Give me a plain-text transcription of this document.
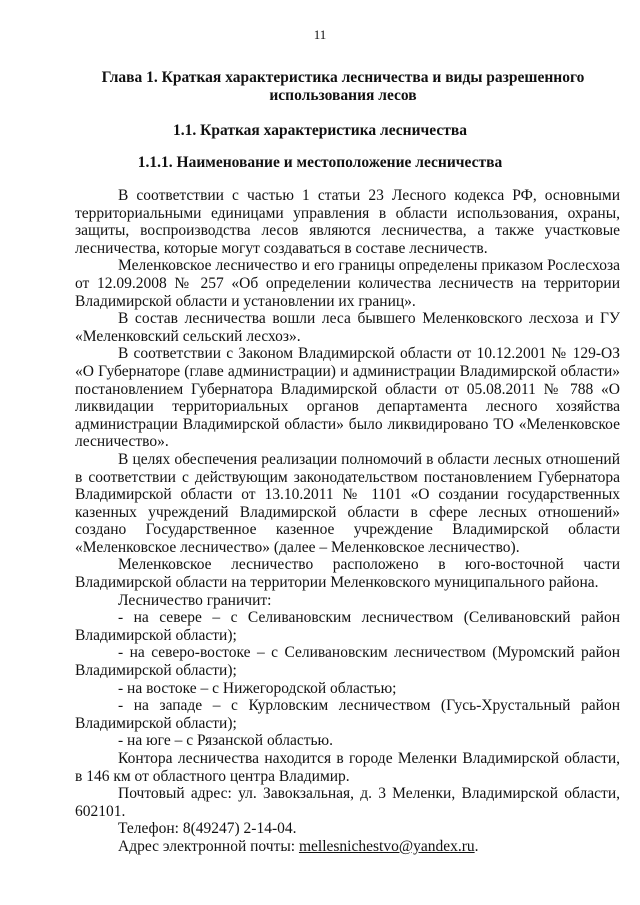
11
Глава 1. Краткая характеристика лесничества и виды разрешенного использования лесов
1.1. Краткая характеристика лесничества
1.1.1. Наименование и местоположение лесничества

В соответствии с частью 1 статьи 23 Лесного кодекса РФ, основными территориальными единицами управления в области использования, охраны, защиты, воспроизводства лесов являются лесничества, а также участковые лесничества, которые могут создаваться в составе лесничеств.

Меленковское лесничество и его границы определены приказом Рослесхоза от 12.09.2008 № 257 «Об определении количества лесничеств на территории Владимирской области и установлении их границ».

В состав лесничества вошли леса бывшего Меленковского лесхоза и ГУ «Меленковский сельский лесхоз».

В соответствии с Законом Владимирской области от 10.12.2001 № 129-ОЗ «О Губернаторе (главе администрации) и администрации Владимирской области» постановлением Губернатора Владимирской области от 05.08.2011 № 788 «О ликвидации территориальных органов департамента лесного хозяйства администрации Владимирской области» было ликвидировано ТО «Меленковское лесничество».

В целях обеспечения реализации полномочий в области лесных отношений в соответствии с действующим законодательством постановлением Губернатора Владимирской области от 13.10.2011 № 1101 «О создании государственных казенных учреждений Владимирской области в сфере лесных отношений» создано Государственное казенное учреждение Владимирской области «Меленковское лесничество» (далее – Меленковское лесничество).

Меленковское лесничество расположено в юго-восточной части Владимирской области на территории Меленковского муниципального района.

Лесничество граничит:

- на севере – с Селивановским лесничеством (Селивановский район Владимирской области);

- на северо-востоке – с Селивановским лесничеством (Муромский район Владимирской области);

- на востоке – с Нижегородской областью;

- на западе – с Курловским лесничеством (Гусь-Хрустальный район Владимирской области);

- на юге – с Рязанской областью.

Контора лесничества находится в городе Меленки Владимирской области, в 146 км от областного центра Владимир.

Почтовый адрес: ул. Завокзальная, д. 3 Меленки, Владимирской области, 602101.

Телефон: 8(49247) 2-14-04.

Адрес электронной почты: mellesnichestvo@yandex.ru.
